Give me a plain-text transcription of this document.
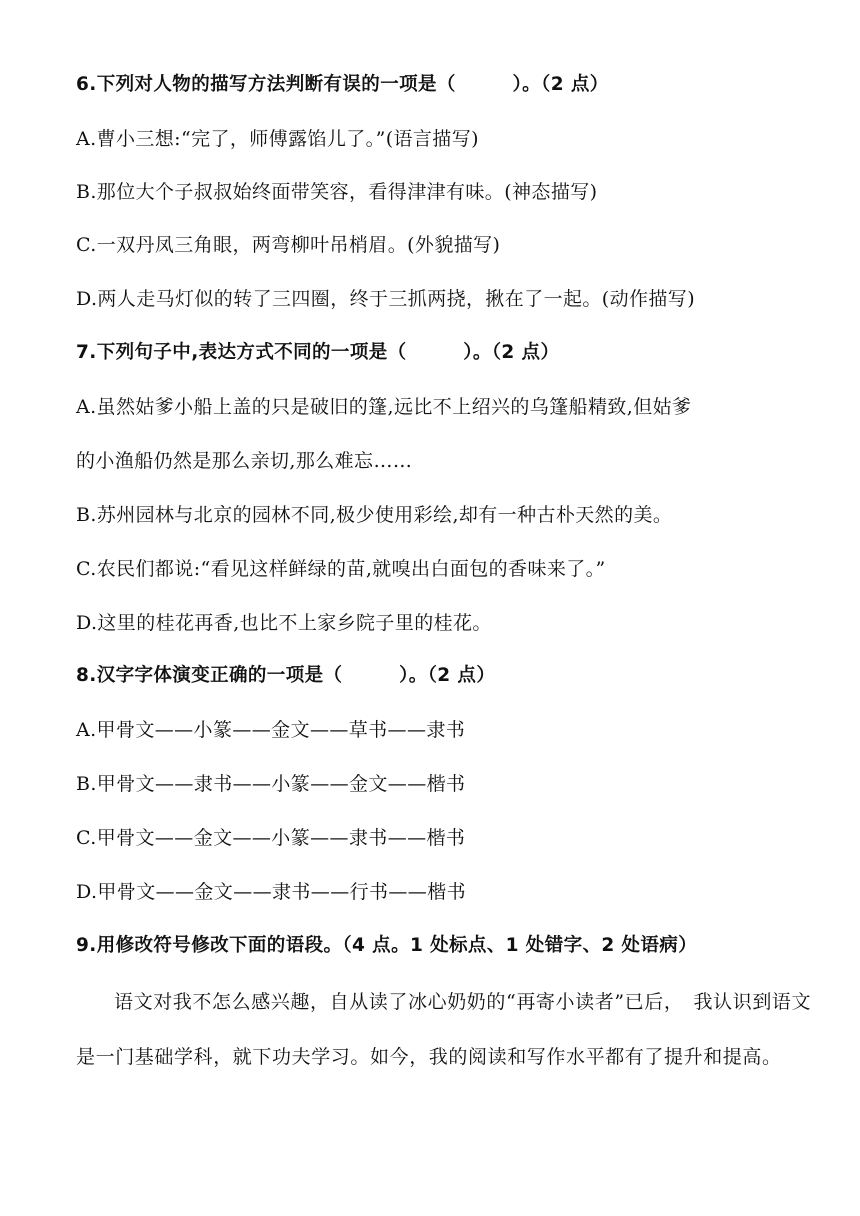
6.下列对人物的描写方法判断有误的一项是（　　　）。（2 点）
A.曹小三想:“完了，师傅露馅儿了。”(语言描写)
B.那位大个子叔叔始终面带笑容，看得津津有味。(神态描写)
C.一双丹凤三角眼，两弯柳叶吊梢眉。(外貌描写)
D.两人走马灯似的转了三四圈，终于三抓两挠，揪在了一起。(动作描写)
7.下列句子中,表达方式不同的一项是（　　　）。（2 点）
A.虽然姑爹小船上盖的只是破旧的篷,远比不上绍兴的乌篷船精致,但姑爹
的小渔船仍然是那么亲切,那么难忘……
B.苏州园林与北京的园林不同,极少使用彩绘,却有一种古朴天然的美。
C.农民们都说:“看见这样鲜绿的苗,就嗅出白面包的香味来了。”
D.这里的桂花再香,也比不上家乡院子里的桂花。
8.汉字字体演变正确的一项是（　　　）。（2 点）
A.甲骨文——小篆——金文——草书——隶书
B.甲骨文——隶书——小篆——金文——楷书
C.甲骨文——金文——小篆——隶书——楷书
D.甲骨文——金文——隶书——行书——楷书
9.用修改符号修改下面的语段。（4 点。1 处标点、1 处错字、2 处语病）
语文对我不怎么感兴趣，自从读了冰心奶奶的“再寄小读者”已后，　我认识到语文
是一门基础学科，就下功夫学习。如今，我的阅读和写作水平都有了提升和提高。
